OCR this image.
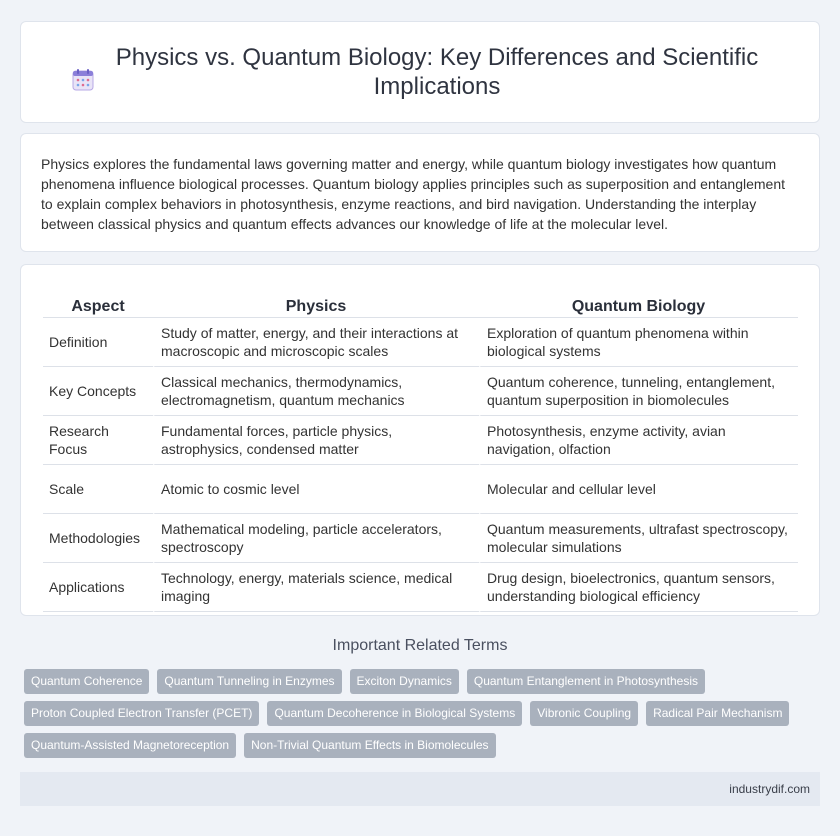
Physics vs. Quantum Biology: Key Differences and Scientific Implications

Physics explores the fundamental laws governing matter and energy, while quantum biology investigates how quantum phenomena influence biological processes. Quantum biology applies principles such as superposition and entanglement to explain complex behaviors in photosynthesis, enzyme reactions, and bird navigation. Understanding the interplay between classical physics and quantum effects advances our knowledge of life at the molecular level.

Aspect	Physics	Quantum Biology
Definition	Study of matter, energy, and their interactions at macroscopic and microscopic scales	Exploration of quantum phenomena within biological systems
Key Concepts	Classical mechanics, thermodynamics, electromagnetism, quantum mechanics	Quantum coherence, tunneling, entanglement, quantum superposition in biomolecules
Research Focus	Fundamental forces, particle physics, astrophysics, condensed matter	Photosynthesis, enzyme activity, avian navigation, olfaction
Scale	Atomic to cosmic level	Molecular and cellular level
Methodologies	Mathematical modeling, particle accelerators, spectroscopy	Quantum measurements, ultrafast spectroscopy, molecular simulations
Applications	Technology, energy, materials science, medical imaging	Drug design, bioelectronics, quantum sensors, understanding biological efficiency
Important Related Terms
Quantum Coherence	Quantum Tunneling in Enzymes	Exciton Dynamics	Quantum Entanglement in Photosynthesis
Proton Coupled Electron Transfer (PCET)	Quantum Decoherence in Biological Systems	Vibronic Coupling	Radical Pair Mechanism
Quantum-Assisted Magnetoreception	Non-Trivial Quantum Effects in Biomolecules
industrydif.com
